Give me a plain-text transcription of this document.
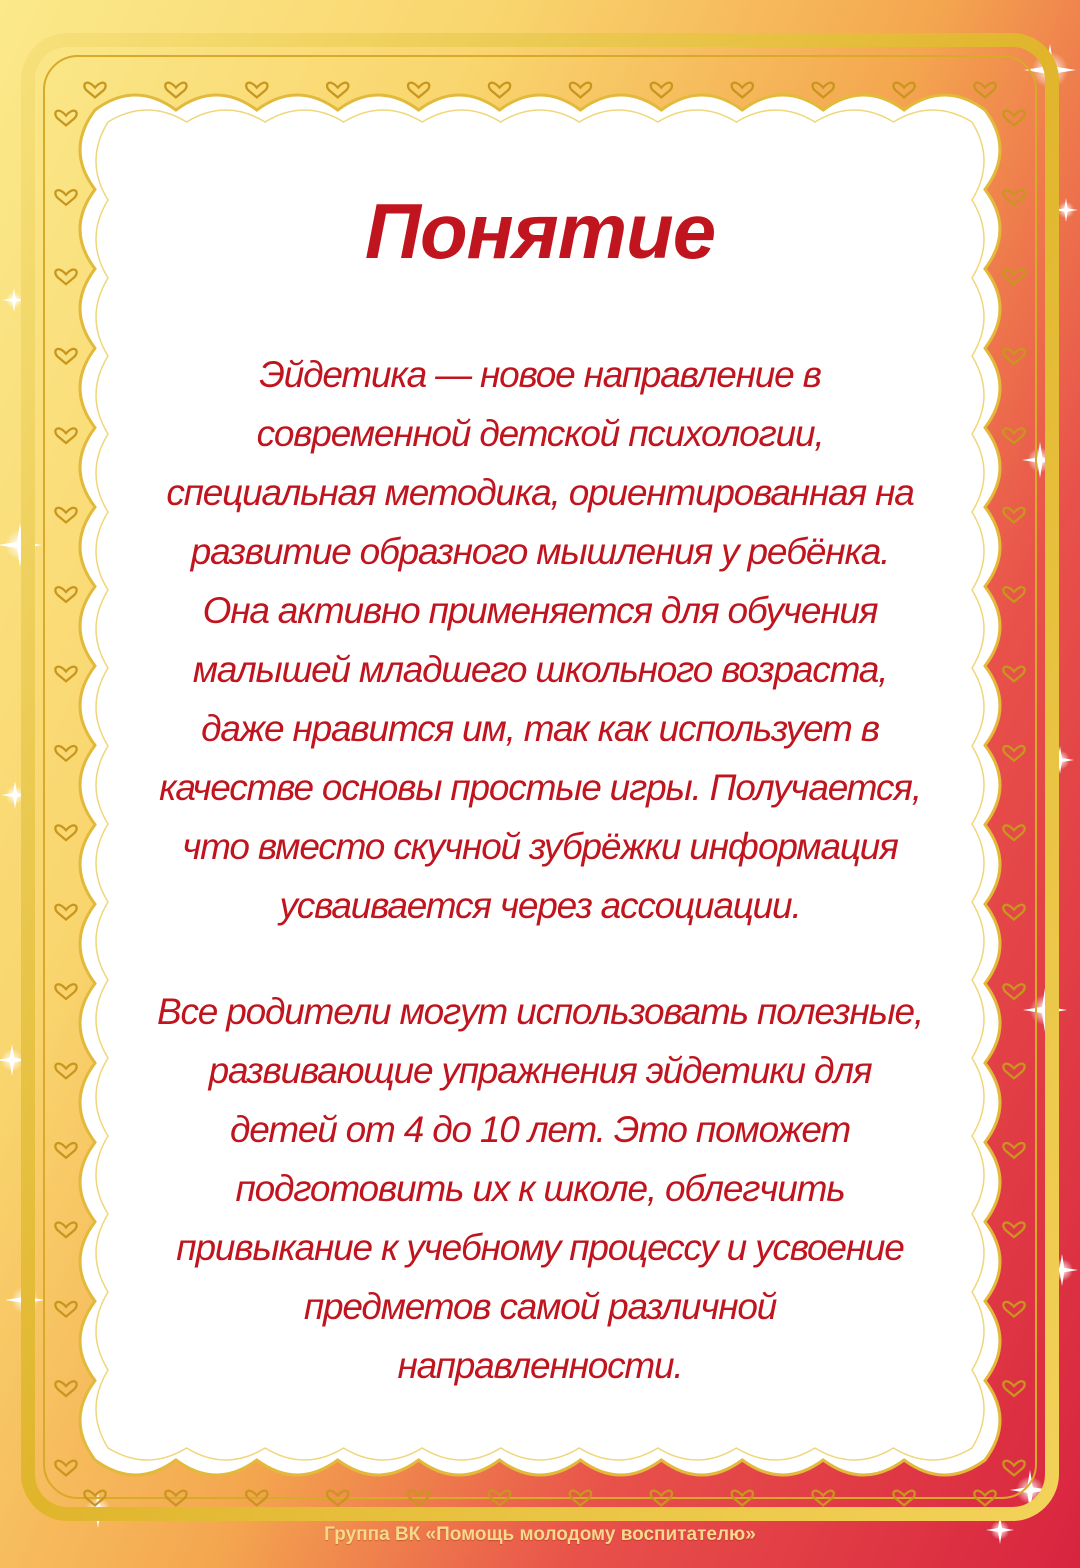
Понятие

Эйдетика — новое направление в
современной детской психологии,
специальная методика, ориентированная на
развитие образного мышления у ребёнка.
Она активно применяется для обучения
малышей младшего школьного возраста,
даже нравится им, так как использует в
качестве основы простые игры. Получается,
что вместо скучной зубрёжки информация
усваивается через ассоциации.

Все родители могут использовать полезные,
развивающие упражнения эйдетики для
детей от 4 до 10 лет. Это поможет
подготовить их к школе, облегчить
привыкание к учебному процессу и усвоение
предметов самой различной
направленности.

Группа ВК «Помощь молодому воспитателю»
